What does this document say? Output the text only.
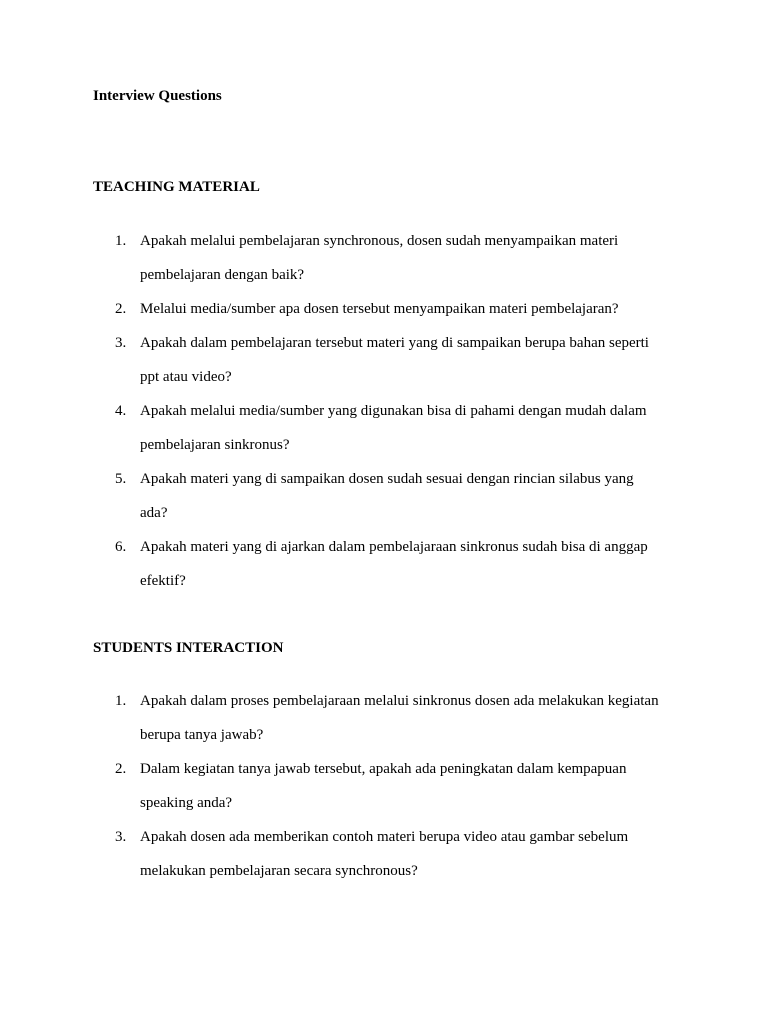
Interview Questions
TEACHING MATERIAL
1. Apakah melalui pembelajaran synchronous, dosen sudah menyampaikan materi
pembelajaran dengan baik?
2. Melalui media/sumber apa dosen tersebut menyampaikan materi pembelajaran?
3. Apakah dalam pembelajaran tersebut materi yang di sampaikan berupa bahan seperti
ppt atau video?
4. Apakah melalui media/sumber yang digunakan bisa di pahami dengan mudah dalam
pembelajaran sinkronus?
5. Apakah materi yang di sampaikan dosen sudah sesuai dengan rincian silabus yang
ada?
6. Apakah materi yang di ajarkan dalam pembelajaraan sinkronus sudah bisa di anggap
efektif?
STUDENTS INTERACTION
1. Apakah dalam proses pembelajaraan melalui sinkronus dosen ada melakukan kegiatan
berupa tanya jawab?
2. Dalam kegiatan tanya jawab tersebut, apakah ada peningkatan dalam kempapuan
speaking anda?
3. Apakah dosen ada memberikan contoh materi berupa video atau gambar sebelum
melakukan pembelajaran secara synchronous?
